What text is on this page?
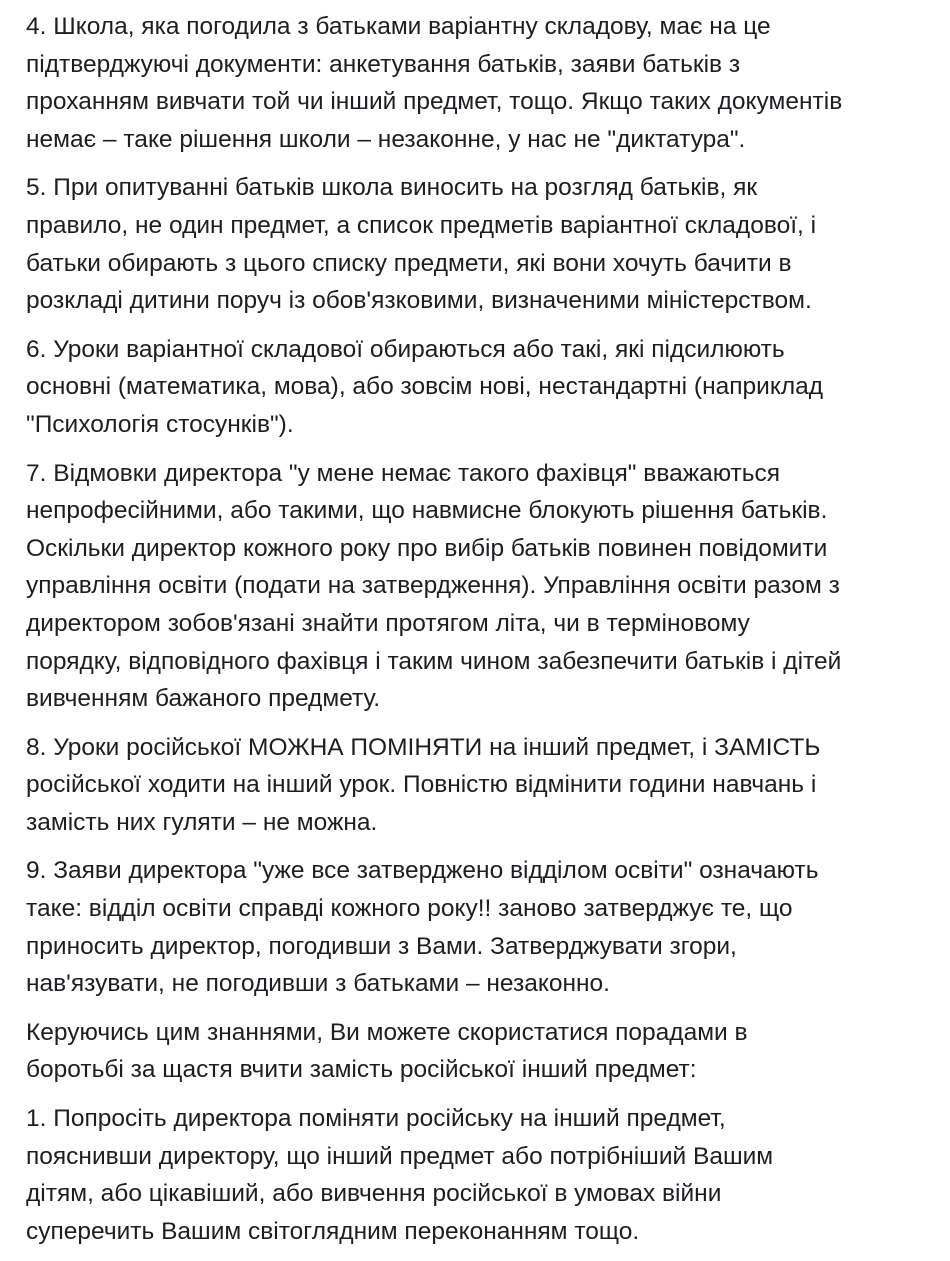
4. Школа, яка погодила з батьками варіантну складову, має на це
підтверджуючі документи: анкетування батьків, заяви батьків з
проханням вивчати той чи інший предмет, тощо. Якщо таких документів
немає – таке рішення школи – незаконне, у нас не "диктатура".

5. При опитуванні батьків школа виносить на розгляд батьків, як
правило, не один предмет, а список предметів варіантної складової, і
батьки обирають з цього списку предмети, які вони хочуть бачити в
розкладі дитини поруч із обов'язковими, визначеними міністерством.

6. Уроки варіантної складової обираються або такі, які підсилюють
основні (математика, мова), або зовсім нові, нестандартні (наприклад
"Психологія стосунків").

7. Відмовки директора "у мене немає такого фахівця" вважаються
непрофесійними, або такими, що навмисне блокують рішення батьків.
Оскільки директор кожного року про вибір батьків повинен повідомити
управління освіти (подати на затвердження). Управління освіти разом з
директором зобов'язані знайти протягом літа, чи в терміновому
порядку, відповідного фахівця і таким чином забезпечити батьків і дітей
вивченням бажаного предмету.

8. Уроки російської МОЖНА ПОМІНЯТИ на інший предмет, і ЗАМІСТЬ
російської ходити на інший урок. Повністю відмінити години навчань і
замість них гуляти – не можна.

9. Заяви директора "уже все затверджено відділом освіти" означають
таке: відділ освіти справді кожного року!! заново затверджує те, що
приносить директор, погодивши з Вами. Затверджувати згори,
нав'язувати, не погодивши з батьками – незаконно.

Керуючись цим знаннями, Ви можете скористатися порадами в
боротьбі за щастя вчити замість російської інший предмет:

1. Попросіть директора поміняти російську на інший предмет,
пояснивши директору, що інший предмет або потрібніший Вашим
дітям, або цікавіший, або вивчення російської в умовах війни
суперечить Вашим світоглядним переконанням тощо.
